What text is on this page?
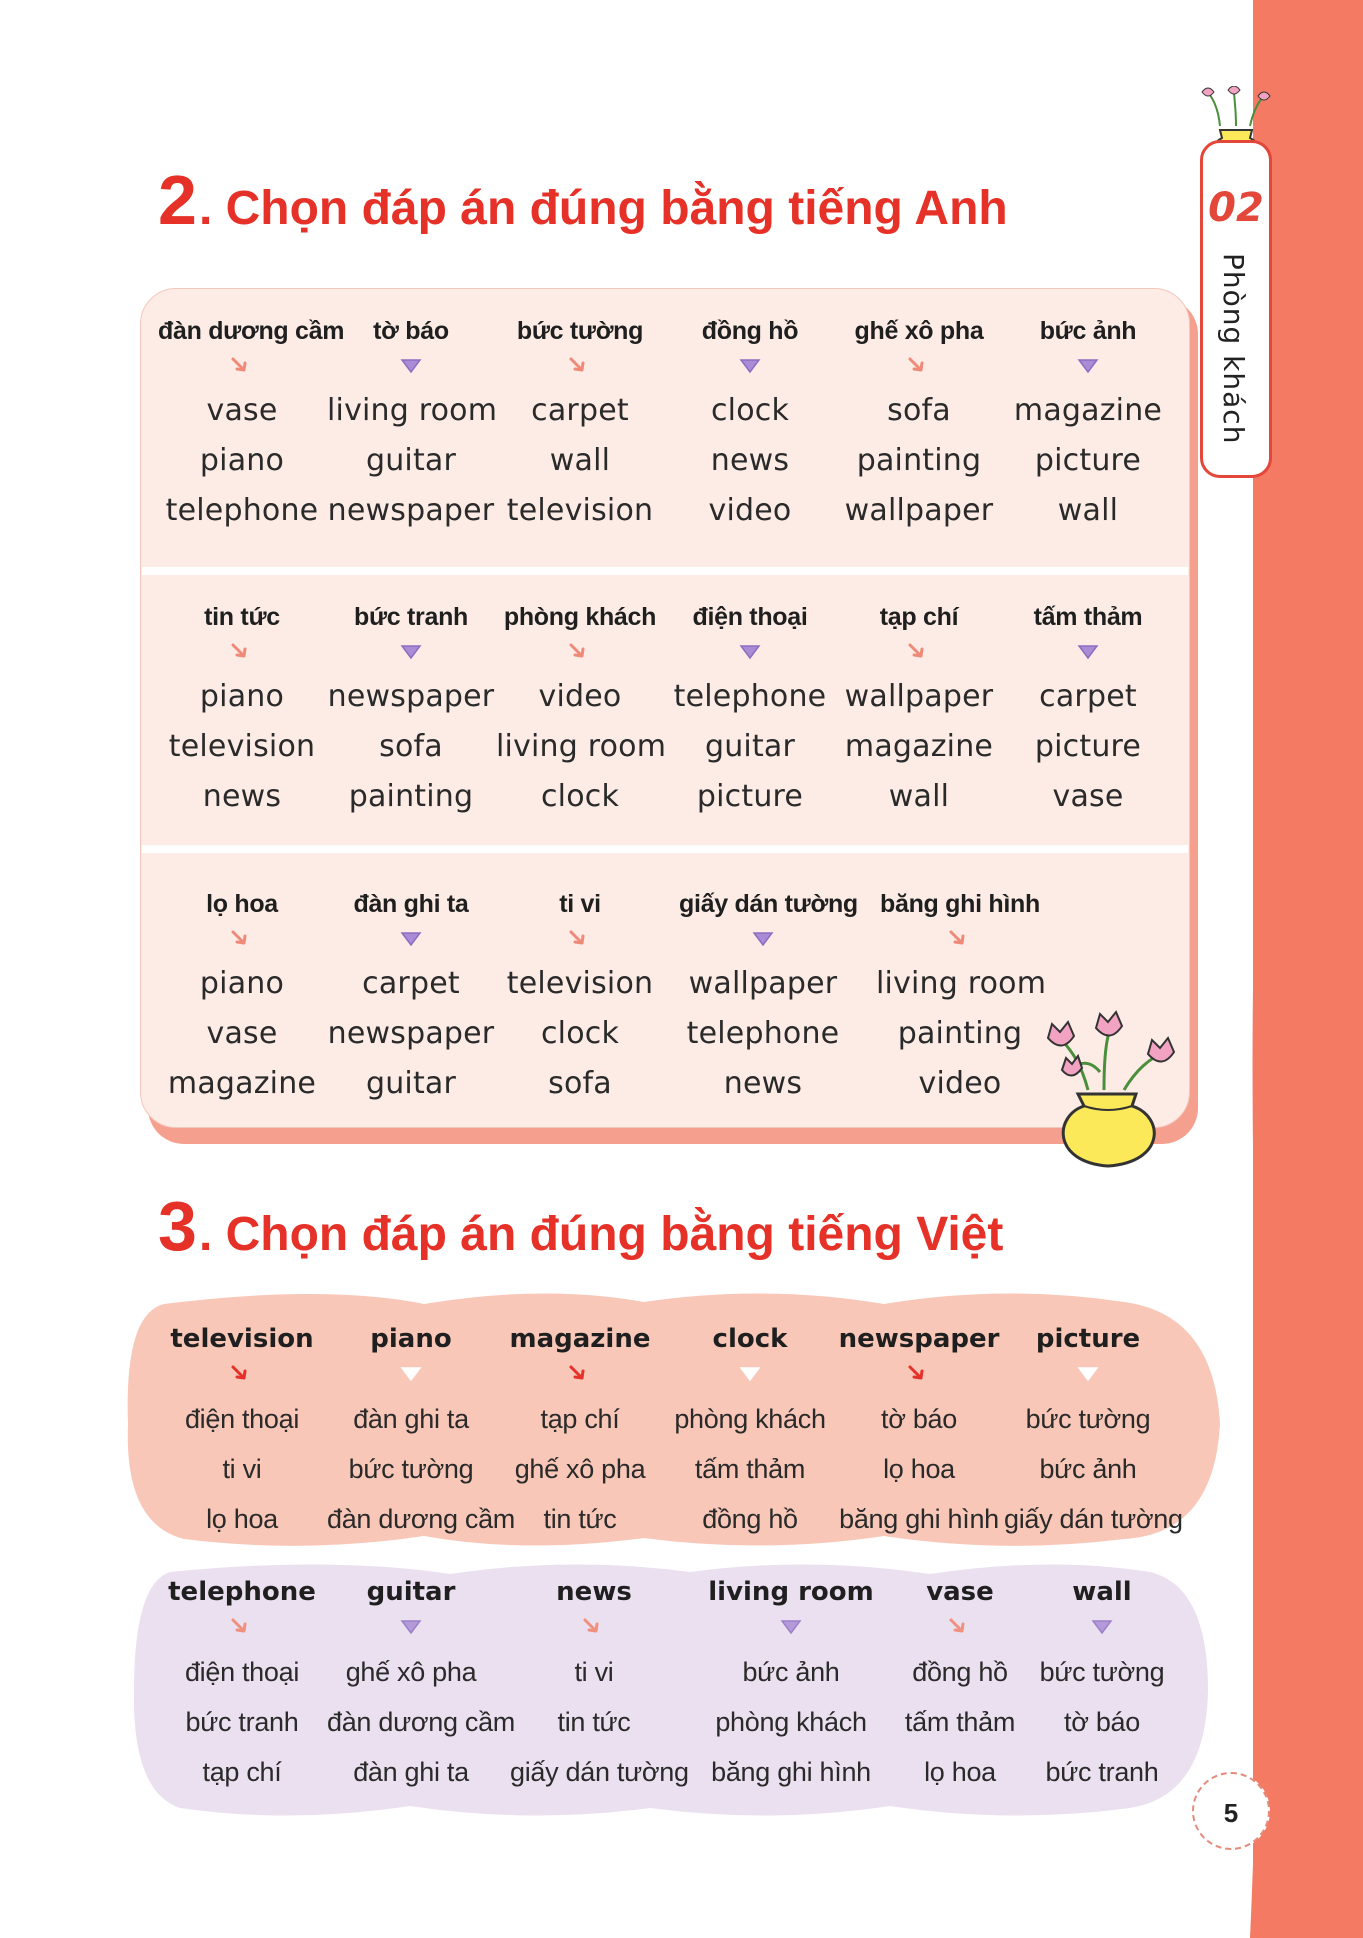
02
Phòng khách
2. Chọn đáp án đúng bằng tiếng Anh
đàn dương cầm
vase
piano
telephone
tờ báo
living room
guitar
newspaper
bức tường
carpet
wall
television
đồng hồ
clock
news
video
ghế xô pha
sofa
painting
wallpaper
bức ảnh
magazine
picture
wall
tin tức
piano
television
news
bức tranh
newspaper
sofa
painting
phòng khách
video
living room
clock
điện thoại
telephone
guitar
picture
tạp chí
wallpaper
magazine
wall
tấm thảm
carpet
picture
vase
lọ hoa
piano
vase
magazine
đàn ghi ta
carpet
newspaper
guitar
ti vi
television
clock
sofa
giấy dán tường
wallpaper
telephone
news
băng ghi hình
living room
painting
video
3. Chọn đáp án đúng bằng tiếng Việt
television
điện thoại
ti vi
lọ hoa
piano
đàn ghi ta
bức tường
đàn dương cầm
magazine
tạp chí
ghế xô pha
tin tức
clock
phòng khách
tấm thảm
đồng hồ
newspaper
tờ báo
lọ hoa
băng ghi hình
picture
bức tường
bức ảnh
giấy dán tường
telephone
điện thoại
bức tranh
tạp chí
guitar
ghế xô pha
đàn dương cầm
đàn ghi ta
news
ti vi
tin tức
giấy dán tường
living room
bức ảnh
phòng khách
băng ghi hình
vase
đồng hồ
tấm thảm
lọ hoa
wall
bức tường
tờ báo
bức tranh
5
